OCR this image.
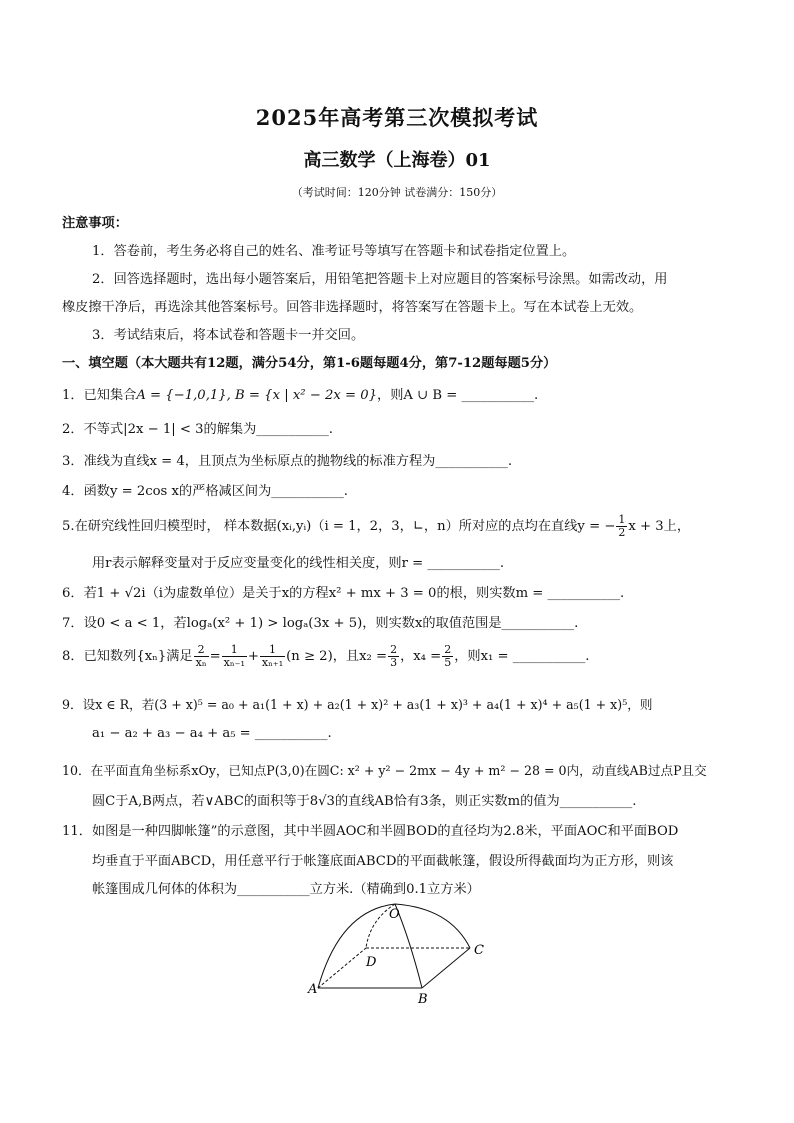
2025年高考第三次模拟考试
高三数学（上海卷）01
（考试时间：120分钟 试卷满分：150分）
注意事项：
1．答卷前，考生务必将自己的姓名、准考证号等填写在答题卡和试卷指定位置上。
2．回答选择题时，选出每小题答案后，用铅笔把答题卡上对应题目的答案标号涂黑。如需改动，用
橡皮擦干净后，再选涂其他答案标号。回答非选择题时，将答案写在答题卡上。写在本试卷上无效。
3．考试结束后，将本试卷和答题卡一并交回。
一、填空题（本大题共有12题，满分54分，第1-6题每题4分，第7-12题每题5分）
1．已知集合A = {−1,0,1}, B = {x | x² − 2x = 0}，则A ∪ B = ___________.
2．不等式|2x − 1| < 3的解集为___________.
3．准线为直线x = 4，且顶点为坐标原点的抛物线的标准方程为___________.
4．函数y = 2cos x的严格减区间为___________.
5.在研究线性回归模型时， 样本数据(xᵢ,yᵢ)（i = 1，2，3，∟，n）所对应的点均在直线y = − $\frac{1}{2}$ x + 3上，
用r表示解释变量对于反应变量变化的线性相关度，则r = ___________.
6．若1 + √2i（i为虚数单位）是关于x的方程x² + mx + 3 = 0的根，则实数m = ___________.
7．设0 < a < 1，若logₐ(x² + 1) > logₐ(3x + 5)，则实数x的取值范围是___________.
8．已知数列{xₙ}满足 $\frac{2}{\text{xₙ}} = \frac{1}{\text{xₙ₋₁}} + \frac{1}{\text{xₙ₊₁}} (n \ge 2)$，且$x_2 = \frac{2}{3}$ ，$x_4 = \frac{2}{5}$ ，则x₁ = ___________.
9．设x ∈ R，若(3 + x)⁵ = a₀ + a₁(1 + x) + a₂(1 + x)² + a₃(1 + x)³ + a₄(1 + x)⁴ + a₅(1 + x)⁵，则
a₁ − a₂ + a₃ − a₄ + a₅ = ___________.
10．在平面直角坐标系xOy，已知点P(3,0)在圆C: x² + y² − 2mx − 4y + m² − 28 = 0内，动直线AB过点P且交
圆C于A,B两点，若∨ABC的面积等于8√3的直线AB恰有3条，则正实数m的值为___________.
11．如图是一种四脚帐篷”的示意图，其中半圆AOC和半圆BOD的直径均为2.8米，平面AOC和平面BOD
均垂直于平面ABCD，用任意平行于帐篷底面ABCD的平面截帐篷，假设所得截面均为正方形，则该
帐篷围成几何体的体积为___________立方米.（精确到0.1立方米）
O
D
C
A
B
